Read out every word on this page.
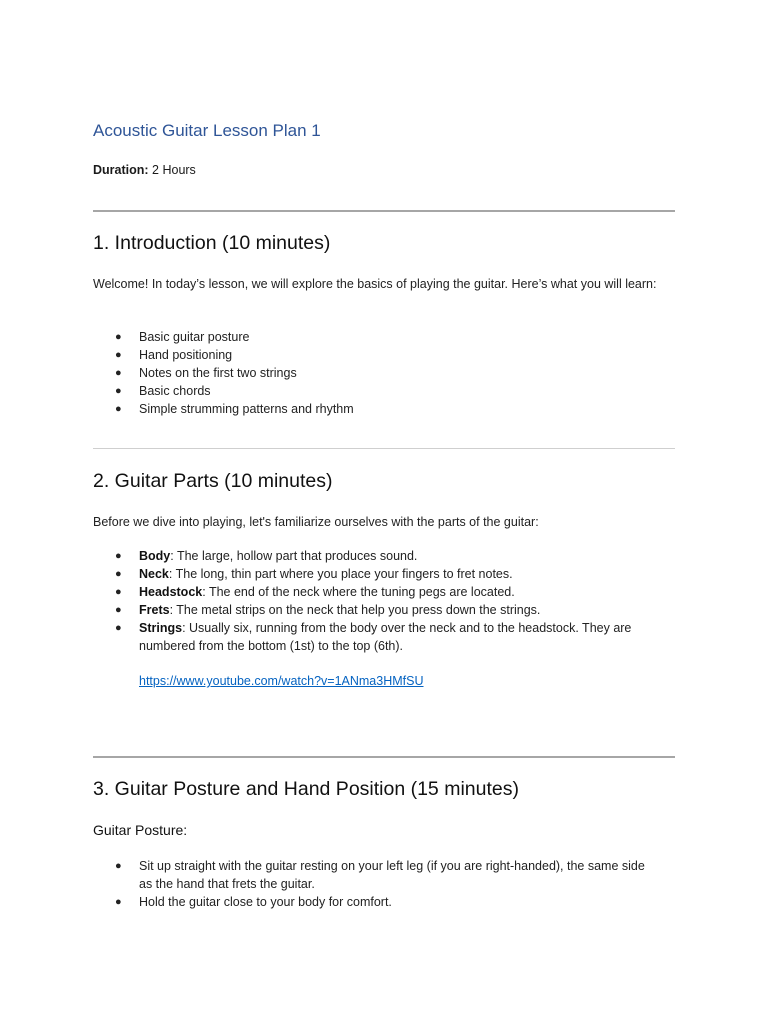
Acoustic Guitar Lesson Plan 1
Duration: 2 Hours
1. Introduction (10 minutes)

Welcome! In today’s lesson, we will explore the basics of playing the guitar. Here’s what you will learn:

● Basic guitar posture
● Hand positioning
● Notes on the first two strings
● Basic chords
● Simple strumming patterns and rhythm
2. Guitar Parts (10 minutes)

Before we dive into playing, let's familiarize ourselves with the parts of the guitar:

● Body: The large, hollow part that produces sound.
● Neck: The long, thin part where you place your fingers to fret notes.
● Headstock: The end of the neck where the tuning pegs are located.
● Frets: The metal strips on the neck that help you press down the strings.
● Strings: Usually six, running from the body over the neck and to the headstock. They are numbered from the bottom (1st) to the top (6th).
https://www.youtube.com/watch?v=1ANma3HMfSU
3. Guitar Posture and Hand Position (15 minutes)
Guitar Posture:
● Sit up straight with the guitar resting on your left leg (if you are right-handed), the same side as the hand that frets the guitar.
● Hold the guitar close to your body for comfort.
